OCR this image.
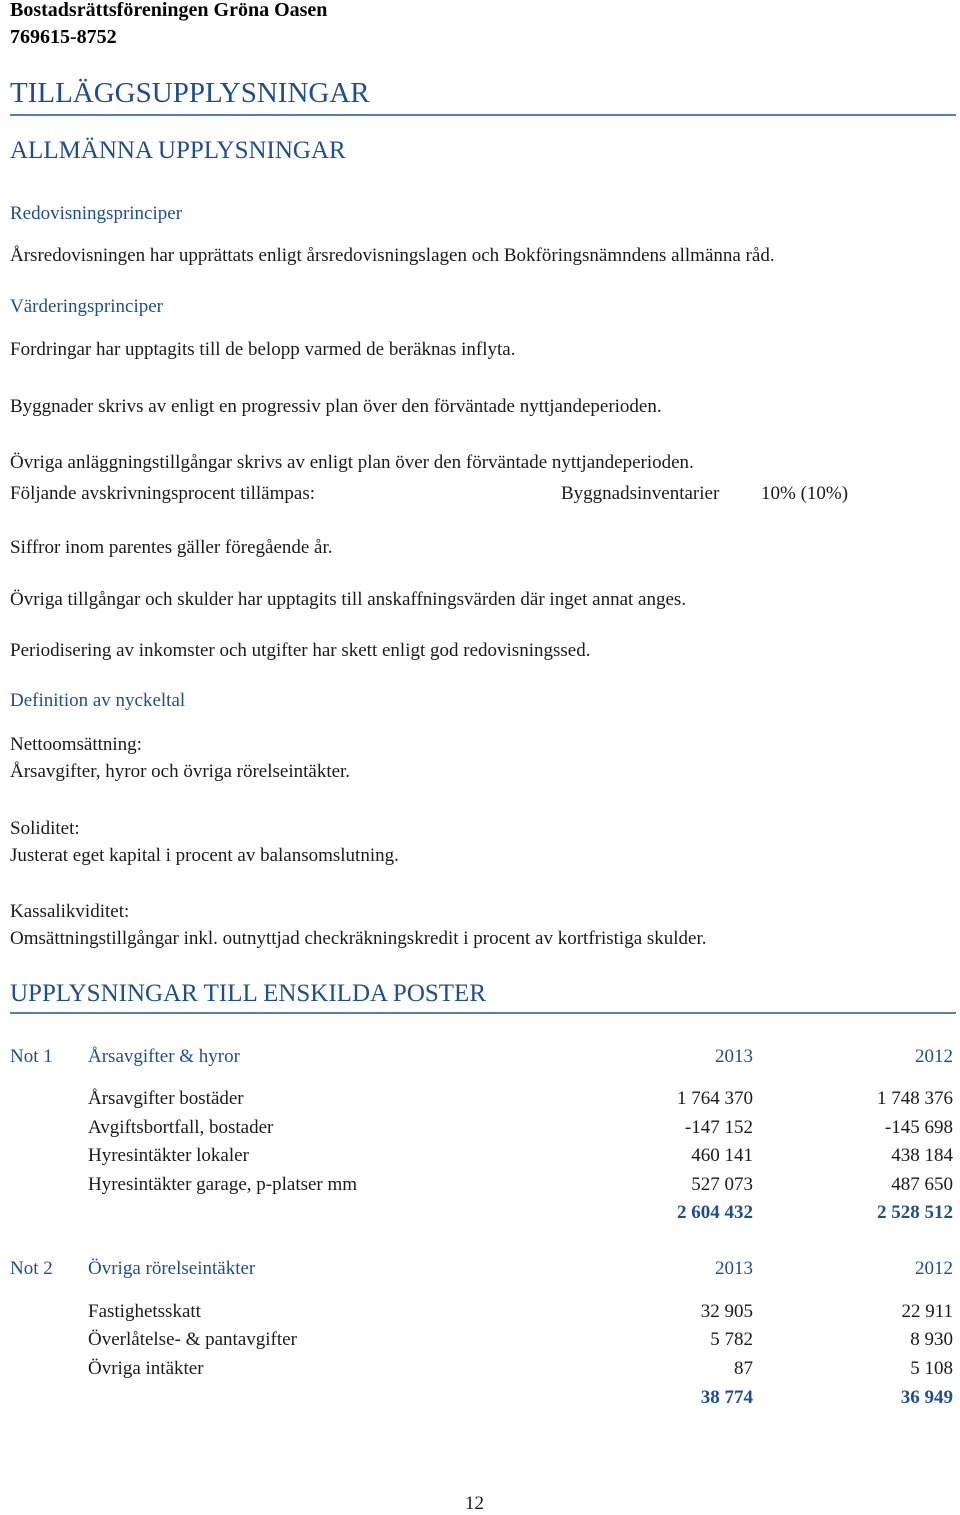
Bostadsrättsföreningen Gröna Oasen
769615-8752
TILLÄGGSUPPLYSNINGAR
ALLMÄNNA UPPLYSNINGAR
Redovisningsprinciper
Årsredovisningen har upprättats enligt årsredovisningslagen och Bokföringsnämndens allmänna råd.
Värderingsprinciper
Fordringar har upptagits till de belopp varmed de beräknas inflyta.
Byggnader skrivs av enligt en progressiv plan över den förväntade nyttjandeperioden.
Övriga anläggningstillgångar skrivs av enligt plan över den förväntade nyttjandeperioden.
Följande avskrivningsprocent tillämpas:	Byggnadsinventarier 10% (10%)
Siffror inom parentes gäller föregående år.
Övriga tillgångar och skulder har upptagits till anskaffningsvärden där inget annat anges.
Periodisering av inkomster och utgifter har skett enligt god redovisningssed.
Definition av nyckeltal
Nettoomsättning:
Årsavgifter, hyror och övriga rörelseintäkter.
Soliditet:
Justerat eget kapital i procent av balansomslutning.
Kassalikviditet:
Omsättningstillgångar inkl. outnyttjad checkräkningskredit i procent av kortfristiga skulder.
UPPLYSNINGAR TILL ENSKILDA POSTER
Not 1 Årsavgifter & hyror	2013	2012
Årsavgifter bostäder	1 764 370	1 748 376
Avgiftsbortfall, bostader	-147 152	-145 698
Hyresintäkter lokaler	460 141	438 184
Hyresintäkter garage, p-platser mm	527 073	487 650
2 604 432	2 528 512
Not 2 Övriga rörelseintäkter	2013	2012
Fastighetsskatt	32 905	22 911
Överlåtelse- & pantavgifter	5 782	8 930
Övriga intäkter	87	5 108
38 774	36 949
12
